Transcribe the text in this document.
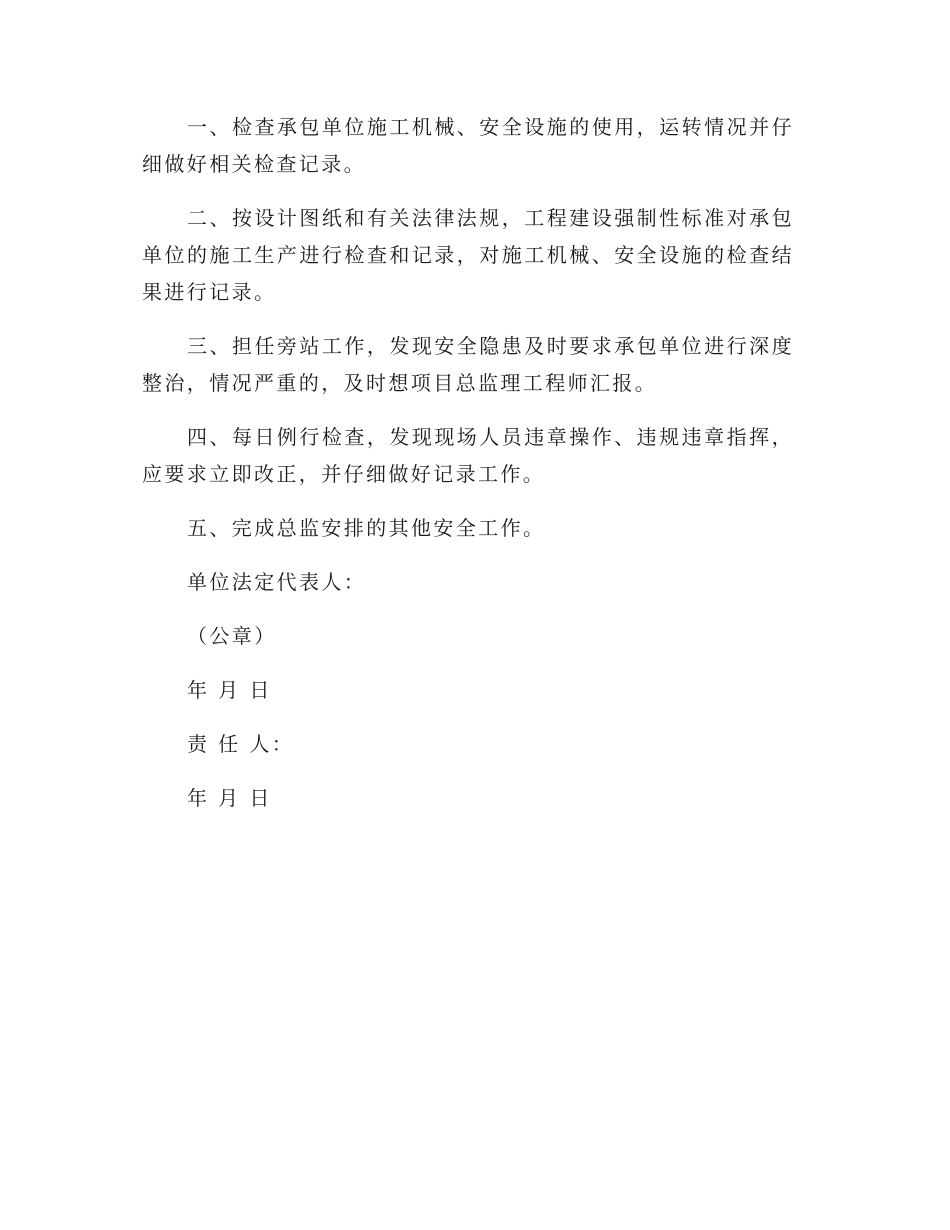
一、检查承包单位施工机械、安全设施的使用，运转情况并仔细做好相关检查记录。

二、按设计图纸和有关法律法规，工程建设强制性标准对承包单位的施工生产进行检查和记录，对施工机械、安全设施的检查结果进行记录。

三、担任旁站工作，发现安全隐患及时要求承包单位进行深度整治，情况严重的，及时想项目总监理工程师汇报。

四、每日例行检查，发现现场人员违章操作、违规违章指挥，应要求立即改正，并仔细做好记录工作。

五、完成总监安排的其他安全工作。

单位法定代表人：

（公章）

年 月 日

责 任 人：

年 月 日
